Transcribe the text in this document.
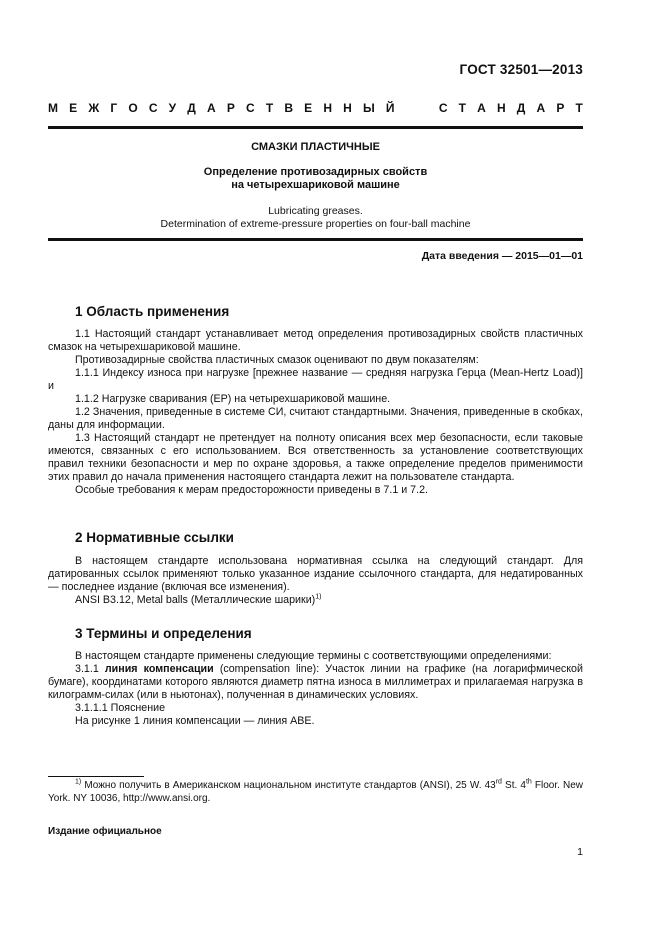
ГОСТ 32501—2013
М Е Ж Г О С У Д А Р С Т В Е Н Н Ы Й	С Т А Н Д А Р Т
СМАЗКИ ПЛАСТИЧНЫЕ
Определение противозадирных свойств
на четырехшариковой машине
Lubricating greases.
Determination of extreme-pressure properties on four-ball machine
Дата введения — 2015—01—01
1 Область применения

1.1 Настоящий стандарт устанавливает метод определения противозадирных свойств пластичных смазок на четырехшариковой машине.

Противозадирные свойства пластичных смазок оценивают по двум показателям:

1.1.1 Индексу износа при нагрузке [прежнее название — средняя нагрузка Герца (Mean-Hertz Load)] и

1.1.2 Нагрузке сваривания (ЕР) на четырехшариковой машине.

1.2 Значения, приведенные в системе СИ, считают стандартными. Значения, приведенные в скобках, даны для информации.

1.3 Настоящий стандарт не претендует на полноту описания всех мер безопасности, если таковые имеются, связанных с его использованием. Вся ответственность за установление соответствующих правил техники безопасности и мер по охране здоровья, а также определение пределов применимости этих правил до начала применения настоящего стандарта лежит на пользователе стандарта.

Особые требования к мерам предосторожности приведены в 7.1 и 7.2.

2 Нормативные ссылки

В настоящем стандарте использована нормативная ссылка на следующий стандарт. Для датированных ссылок применяют только указанное издание ссылочного стандарта, для недатированных — последнее издание (включая все изменения).

ANSI B3.12, Metal balls (Металлические шарики)$^{1)}$

3 Термины и определения

В настоящем стандарте применены следующие термины с соответствующими определениями:

3.1.1 линия компенсации (compensation line): Участок линии на графике (на логарифмической бумаге), координатами которого являются диаметр пятна износа в миллиметрах и прилагаемая нагрузка в килограмм-силах (или в ньютонах), полученная в динамических условиях.

3.1.1.1 Пояснение

На рисунке 1 линия компенсации — линия АВЕ.

$^{1)}$ Можно получить в Американском национальном институте стандартов (ANSI), 25 W. 43rd St. 4th Floor. New York. NY 10036, http://www.ansi.org.
Издание официальное
1
